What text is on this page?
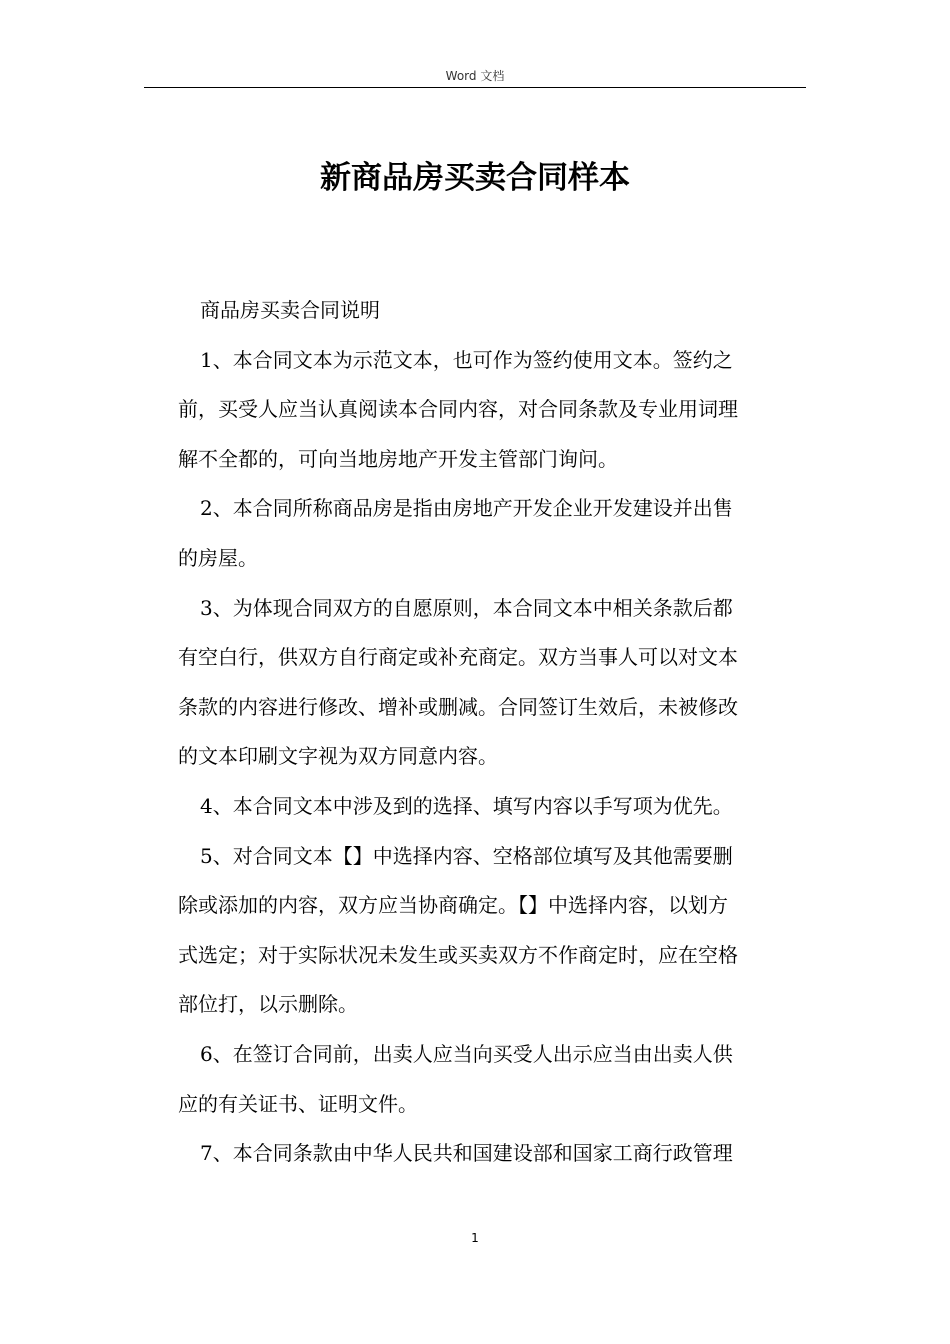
Word 文档
新商品房买卖合同样本
商品房买卖合同说明
1、本合同文本为示范文本，也可作为签约使用文本。签约之
前，买受人应当认真阅读本合同内容，对合同条款及专业用词理
解不全都的，可向当地房地产开发主管部门询问。
2、本合同所称商品房是指由房地产开发企业开发建设并出售
的房屋。
3、为体现合同双方的自愿原则，本合同文本中相关条款后都
有空白行，供双方自行商定或补充商定。双方当事人可以对文本
条款的内容进行修改、增补或删减。合同签订生效后，未被修改
的文本印刷文字视为双方同意内容。
4、本合同文本中涉及到的选择、填写内容以手写项为优先。
5、对合同文本【】中选择内容、空格部位填写及其他需要删
除或添加的内容，双方应当协商确定。【】中选择内容，以划方
式选定；对于实际状况未发生或买卖双方不作商定时，应在空格
部位打，以示删除。
6、在签订合同前，出卖人应当向买受人出示应当由出卖人供
应的有关证书、证明文件。
7、本合同条款由中华人民共和国建设部和国家工商行政管理
1
